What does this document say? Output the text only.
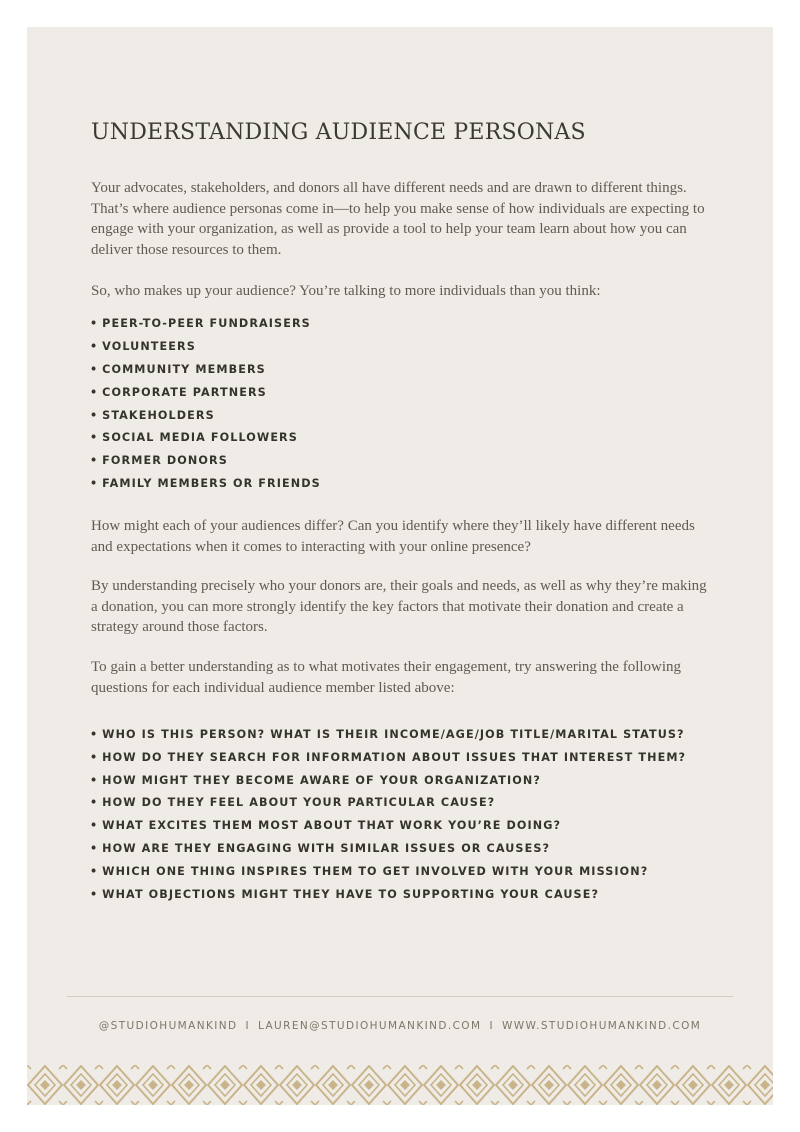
UNDERSTANDING AUDIENCE PERSONAS

Your advocates, stakeholders, and donors all have different needs and are drawn to different things. That’s where audience personas come in—to help you make sense of how individuals are expecting to engage with your organization, as well as provide a tool to help your team learn about how you can deliver those resources to them.

So, who makes up your audience? You’re talking to more individuals than you think:

• PEER-TO-PEER FUNDRAISERS
• VOLUNTEERS
• COMMUNITY MEMBERS
• CORPORATE PARTNERS
• STAKEHOLDERS
• SOCIAL MEDIA FOLLOWERS
• FORMER DONORS
• FAMILY MEMBERS OR FRIENDS

How might each of your audiences differ? Can you identify where they’ll likely have different needs and expectations when it comes to interacting with your online presence?

By understanding precisely who your donors are, their goals and needs, as well as why they’re making a donation, you can more strongly identify the key factors that motivate their donation and create a strategy around those factors.

To gain a better understanding as to what motivates their engagement, try answering the following questions for each individual audience member listed above:

• WHO IS THIS PERSON? WHAT IS THEIR INCOME/AGE/JOB TITLE/MARITAL STATUS?
• HOW DO THEY SEARCH FOR INFORMATION ABOUT ISSUES THAT INTEREST THEM?
• HOW MIGHT THEY BECOME AWARE OF YOUR ORGANIZATION?
• HOW DO THEY FEEL ABOUT YOUR PARTICULAR CAUSE?
• WHAT EXCITES THEM MOST ABOUT THAT WORK YOU’RE DOING?
• HOW ARE THEY ENGAGING WITH SIMILAR ISSUES OR CAUSES?
• WHICH ONE THING INSPIRES THEM TO GET INVOLVED WITH YOUR MISSION?
• WHAT OBJECTIONS MIGHT THEY HAVE TO SUPPORTING YOUR CAUSE?
@STUDIOHUMANKIND I LAUREN@STUDIOHUMANKIND.COM I WWW.STUDIOHUMANKIND.COM
